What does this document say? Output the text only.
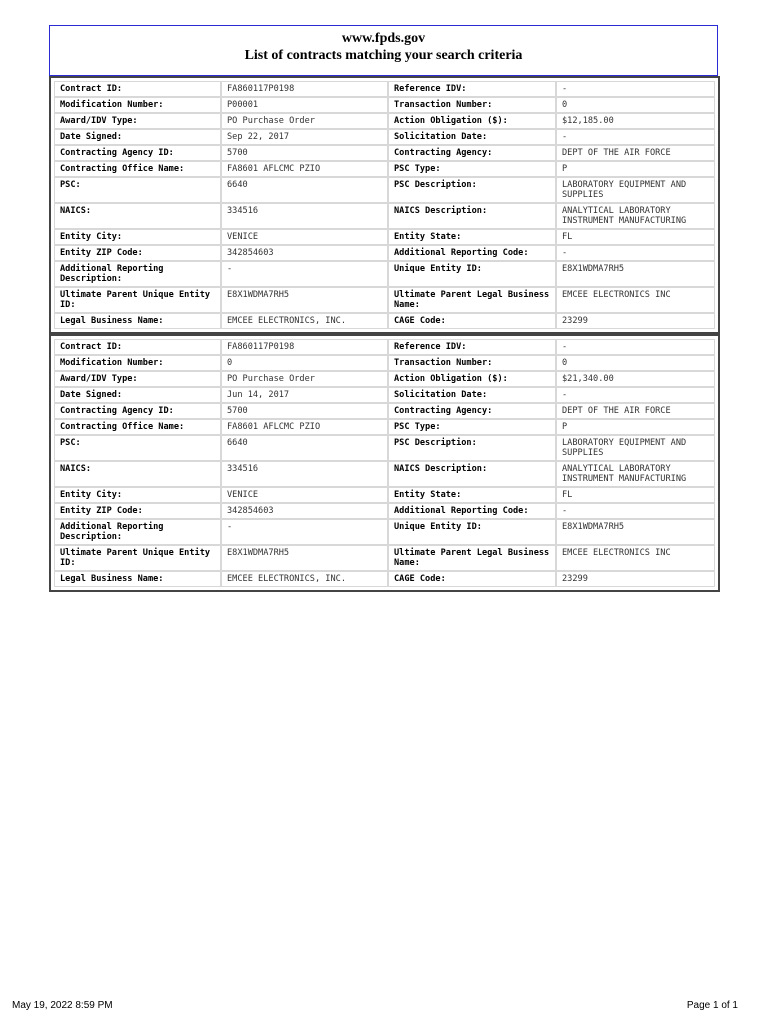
www.fpds.gov
List of contracts matching your search criteria
Contract ID:	FA860117P0198	Reference IDV:	-
Modification Number:	P00001	Transaction Number:	0
Award/IDV Type:	PO Purchase Order	Action Obligation ($):	$12,185.00
Date Signed:	Sep 22, 2017	Solicitation Date:	-
Contracting Agency ID:	5700	Contracting Agency:	DEPT OF THE AIR FORCE
Contracting Office Name:	FA8601 AFLCMC PZIO	PSC Type:	P
PSC:	6640	PSC Description:	LABORATORY EQUIPMENT AND SUPPLIES
NAICS:	334516	NAICS Description:	ANALYTICAL LABORATORY INSTRUMENT MANUFACTURING
Entity City:	VENICE	Entity State:	FL
Entity ZIP Code:	342854603	Additional Reporting Code:	-
Additional Reporting Description:	-	Unique Entity ID:	E8X1WDMA7RH5
Ultimate Parent Unique Entity ID:	E8X1WDMA7RH5	Ultimate Parent Legal Business Name:	EMCEE ELECTRONICS INC
Legal Business Name:	EMCEE ELECTRONICS, INC.	CAGE Code:	23299
Contract ID:	FA860117P0198	Reference IDV:	-
Modification Number:	0	Transaction Number:	0
Award/IDV Type:	PO Purchase Order	Action Obligation ($):	$21,340.00
Date Signed:	Jun 14, 2017	Solicitation Date:	-
Contracting Agency ID:	5700	Contracting Agency:	DEPT OF THE AIR FORCE
Contracting Office Name:	FA8601 AFLCMC PZIO	PSC Type:	P
PSC:	6640	PSC Description:	LABORATORY EQUIPMENT AND SUPPLIES
NAICS:	334516	NAICS Description:	ANALYTICAL LABORATORY INSTRUMENT MANUFACTURING
Entity City:	VENICE	Entity State:	FL
Entity ZIP Code:	342854603	Additional Reporting Code:	-
Additional Reporting Description:	-	Unique Entity ID:	E8X1WDMA7RH5
Ultimate Parent Unique Entity ID:	E8X1WDMA7RH5	Ultimate Parent Legal Business Name:	EMCEE ELECTRONICS INC
Legal Business Name:	EMCEE ELECTRONICS, INC.	CAGE Code:	23299
May 19, 2022 8:59 PM	Page 1 of 1
